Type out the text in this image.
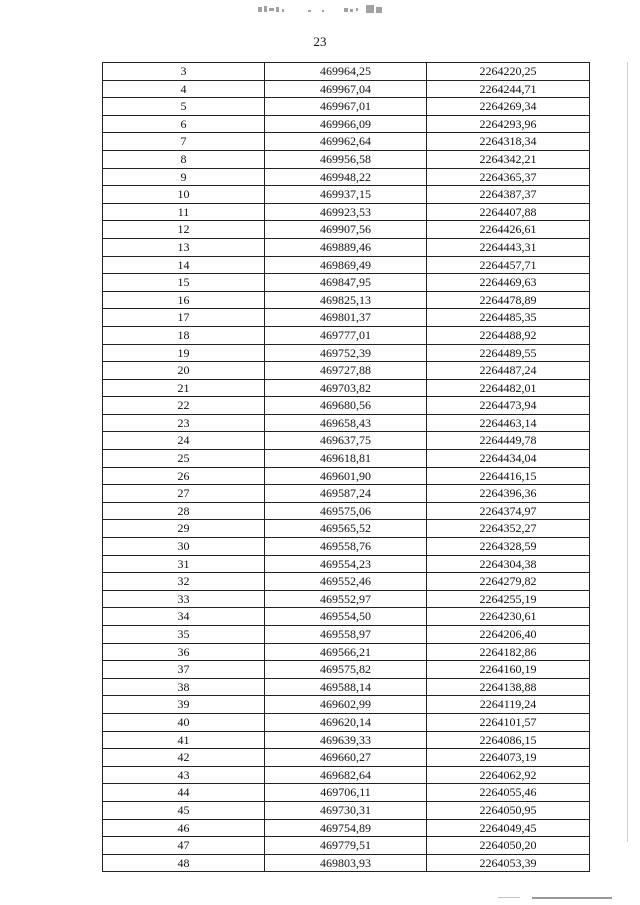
23
3	469964,25	2264220,25
4	469967,04	2264244,71
5	469967,01	2264269,34
6	469966,09	2264293,96
7	469962,64	2264318,34
8	469956,58	2264342,21
9	469948,22	2264365,37
10	469937,15	2264387,37
11	469923,53	2264407,88
12	469907,56	2264426,61
13	469889,46	2264443,31
14	469869,49	2264457,71
15	469847,95	2264469,63
16	469825,13	2264478,89
17	469801,37	2264485,35
18	469777,01	2264488,92
19	469752,39	2264489,55
20	469727,88	2264487,24
21	469703,82	2264482,01
22	469680,56	2264473,94
23	469658,43	2264463,14
24	469637,75	2264449,78
25	469618,81	2264434,04
26	469601,90	2264416,15
27	469587,24	2264396,36
28	469575,06	2264374,97
29	469565,52	2264352,27
30	469558,76	2264328,59
31	469554,23	2264304,38
32	469552,46	2264279,82
33	469552,97	2264255,19
34	469554,50	2264230,61
35	469558,97	2264206,40
36	469566,21	2264182,86
37	469575,82	2264160,19
38	469588,14	2264138,88
39	469602,99	2264119,24
40	469620,14	2264101,57
41	469639,33	2264086,15
42	469660,27	2264073,19
43	469682,64	2264062,92
44	469706,11	2264055,46
45	469730,31	2264050,95
46	469754,89	2264049,45
47	469779,51	2264050,20
48	469803,93	2264053,39
